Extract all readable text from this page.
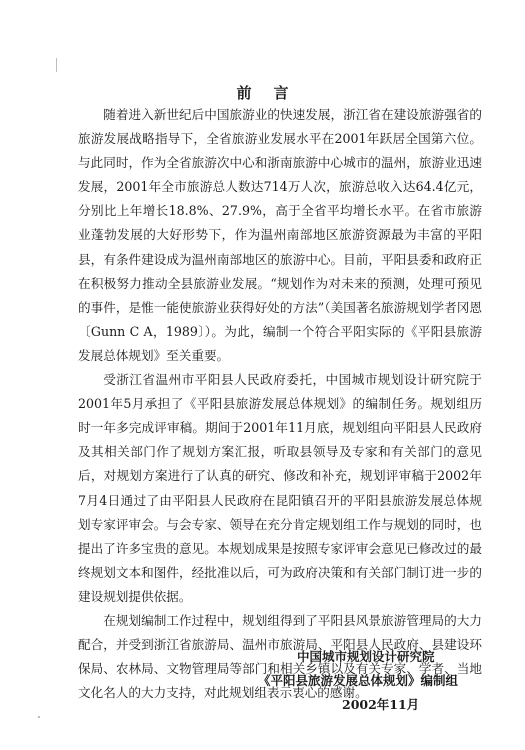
前言

随着进入新世纪后中国旅游业的快速发展，浙江省在建设旅游强省的旅游发展战略指导下，全省旅游业发展水平在2001年跃居全国第六位。与此同时，作为全省旅游次中心和浙南旅游中心城市的温州，旅游业迅速发展，2001年全市旅游总人数达714万人次，旅游总收入达64.4亿元，分别比上年增长18.8%、27.9%，高于全省平均增长水平。在省市旅游业蓬勃发展的大好形势下，作为温州南部地区旅游资源最为丰富的平阳县，有条件建设成为温州南部地区的旅游中心。目前，平阳县委和政府正在积极努力推动全县旅游业发展。“规划作为对未来的预测，处理可预见的事件，是惟一能使旅游业获得好处的方法”（美国著名旅游规划学者冈恩〔Gunn C A，1989〕）。为此，编制一个符合平阳实际的《平阳县旅游发展总体规划》至关重要。

受浙江省温州市平阳县人民政府委托，中国城市规划设计研究院于2001年5月承担了《平阳县旅游发展总体规划》的编制任务。规划组历时一年多完成评审稿。期间于2001年11月底，规划组向平阳县人民政府及其相关部门作了规划方案汇报，听取县领导及专家和有关部门的意见后，对规划方案进行了认真的研究、修改和补充，规划评审稿于2002年7月4日通过了由平阳县人民政府在昆阳镇召开的平阳县旅游发展总体规划专家评审会。与会专家、领导在充分肯定规划组工作与规划的同时，也提出了许多宝贵的意见。本规划成果是按照专家评审会意见已修改过的最终规划文本和图件，经批准以后，可为政府决策和有关部门制订进一步的建设规划提供依据。

在规划编制工作过程中，规划组得到了平阳县风景旅游管理局的大力配合，并受到浙江省旅游局、温州市旅游局、平阳县人民政府、县建设环保局、农林局、文物管理局等部门和相关乡镇以及有关专家、学者、当地文化名人的大力支持，对此规划组表示衷心的感谢。

中国城市规划设计研究院
《平阳县旅游发展总体规划》编制组
2002年11月
